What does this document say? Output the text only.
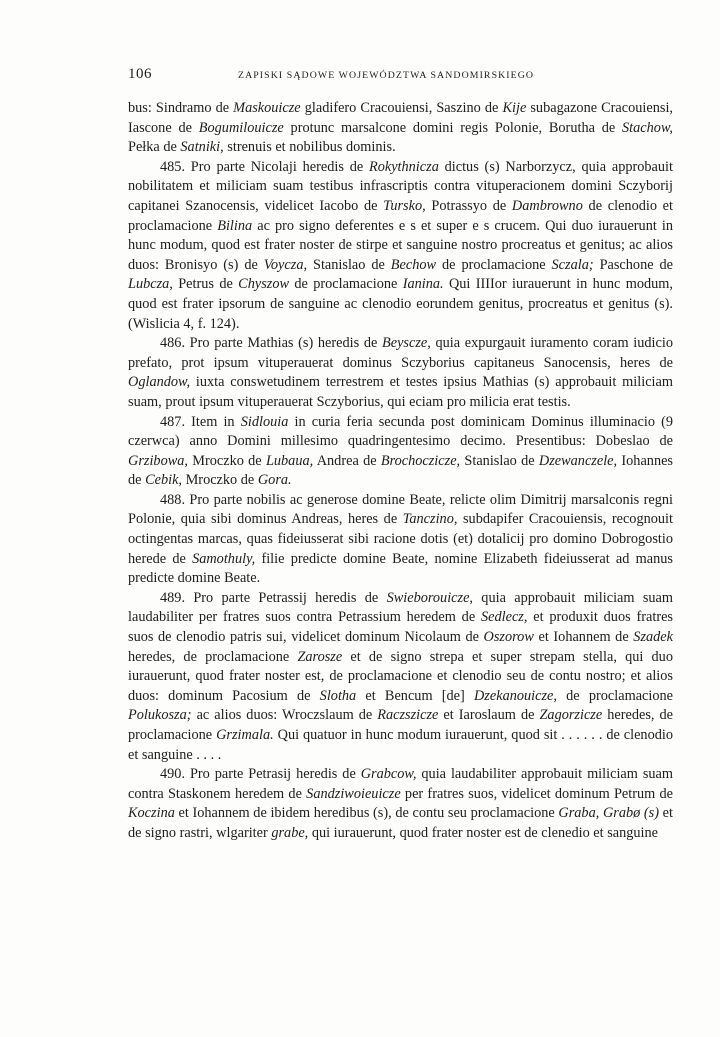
106	ZAPISKI SĄDOWE WOJEWÓDZTWA SANDOMIRSKIEGO

bus: Sindramo de Maskouicze gladifero Cracouiensi, Saszino de Kije subagazone Cracouiensi, Iascone de Bogumilouicze protunc marsalcone domini regis Polonie, Borutha de Stachow, Pełka de Satniki, strenuis et nobilibus dominis.

485. Pro parte Nicolaji heredis de Rokythnicza dictus (s) Narborzycz, quia approbauit nobilitatem et miliciam suam testibus infrascriptis contra vituperacionem domini Sczyborij capitanei Szanocensis, videlicet Iacobo de Tursko, Potrassyo de Dambrowno de clenodio et proclamacione Bilina ac pro signo deferentes e s et super e s crucem. Qui duo iurauerunt in hunc modum, quod est frater noster de stirpe et sanguine nostro procreatus et genitus; ac alios duos: Bronisyo (s) de Voycza, Stanislao de Bechow de proclamacione Sczala; Paschone de Lubcza, Petrus de Chyszow de proclamacione Ianina. Qui IIIIor iurauerunt in hunc modum, quod est frater ipsorum de sanguine ac clenodio eorundem genitus, procreatus et genitus (s). (Wislicia 4, f. 124).

486. Pro parte Mathias (s) heredis de Beyscze, quia expurgauit iuramento coram iudicio prefato, prot ipsum vituperauerat dominus Sczyborius capitaneus Sanocensis, heres de Oglandow, iuxta conswetudinem terrestrem et testes ipsius Mathias (s) approbauit miliciam suam, prout ipsum vituperauerat Sczyborius, qui eciam pro milicia erat testis.

487. Item in Sidlouia in curia feria secunda post dominicam Dominus illuminacio (9 czerwca) anno Domini millesimo quadringentesimo decimo. Presentibus: Dobeslao de Grzibowa, Mroczko de Lubaua, Andrea de Brochoczicze, Stanislao de Dzewanczele, Iohannes de Cebik, Mroczko de Gora.

488. Pro parte nobilis ac generose domine Beate, relicte olim Dimitrij marsalconis regni Polonie, quia sibi dominus Andreas, heres de Tanczino, subdapifer Cracouiensis, recognouit octingentas marcas, quas fideiusserat sibi racione dotis (et) dotalicij pro domino Dobrogostio herede de Samothuly, filie predicte domine Beate, nomine Elizabeth fideiusserat ad manus predicte domine Beate.

489. Pro parte Petrassij heredis de Swieborouicze, quia approbauit miliciam suam laudabiliter per fratres suos contra Petrassium heredem de Sedlecz, et produxit duos fratres suos de clenodio patris sui, videlicet dominum Nicolaum de Oszorow et Iohannem de Szadek heredes, de proclamacione Zarosze et de signo strepa et super strepam stella, qui duo iurauerunt, quod frater noster est, de proclamacione et clenodio seu de contu nostro; et alios duos: dominum Pacosium de Slotha et Bencum [de] Dzekanouicze, de proclamacione Polukosza; ac alios duos: Wroczslaum de Raczszicze et Iaroslaum de Zagorzicze heredes, de proclamacione Grzimala. Qui quatuor in hunc modum iurauerunt, quod sit . . . . . . de clenodio et sanguine . . . .

490. Pro parte Petrasij heredis de Grabcow, quia laudabiliter approbauit miliciam suam contra Staskonem heredem de Sandziwoieuicze per fratres suos, videlicet dominum Petrum de Koczina et Iohannem de ibidem heredibus (s), de contu seu proclamacione Graba, Grabø (s) et de signo rastri, wlgariter grabe, qui iurauerunt, quod frater noster est de clenedio et sanguine
